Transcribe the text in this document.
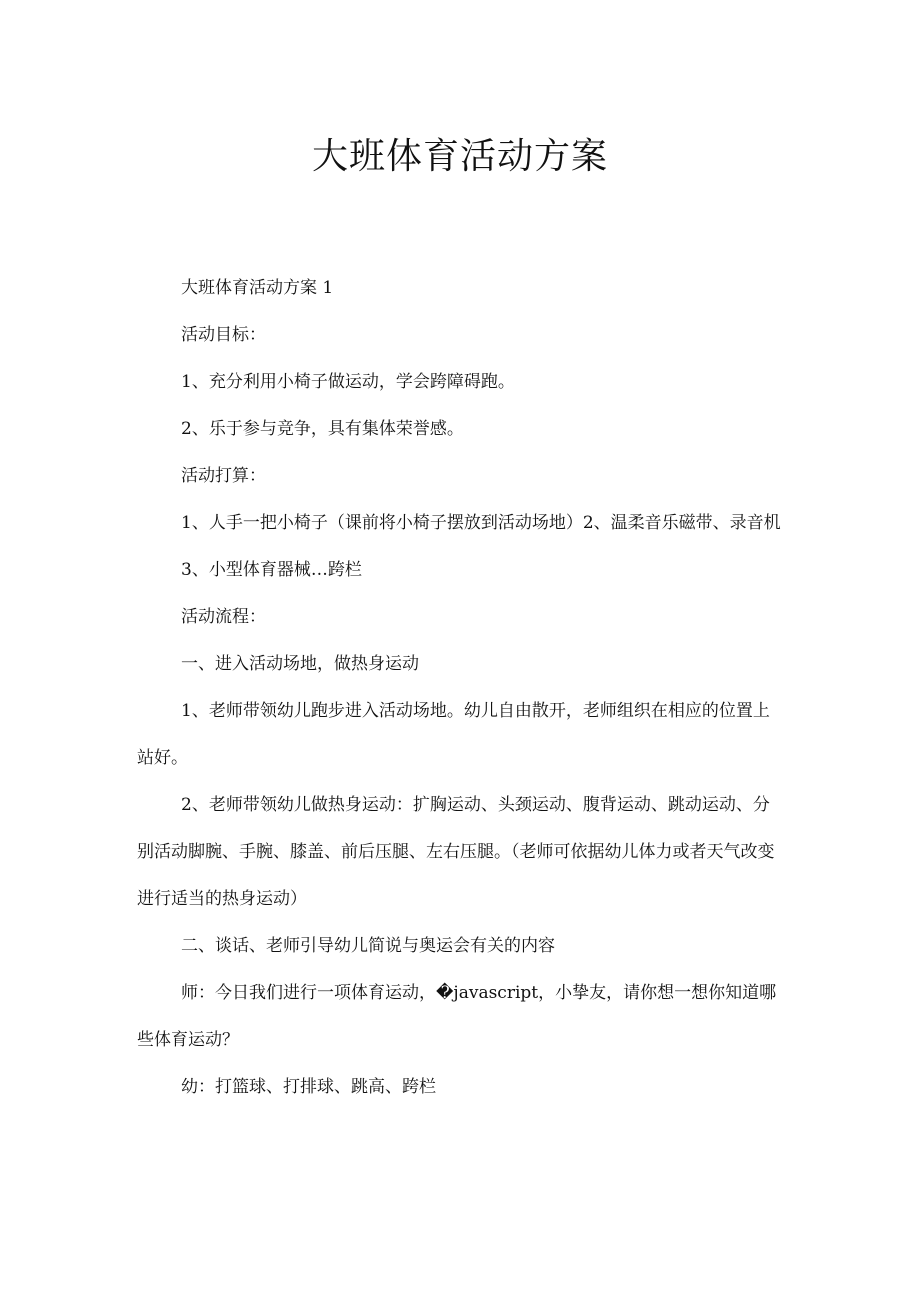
大班体育活动方案

大班体育活动方案 1

活动目标：

1、充分利用小椅子做运动，学会跨障碍跑。

2、乐于参与竞争，具有集体荣誉感。

活动打算：

1、人手一把小椅子（课前将小椅子摆放到活动场地）2、温柔音乐磁带、录音机

3、小型体育器械…跨栏

活动流程：

一、进入活动场地，做热身运动

1、老师带领幼儿跑步进入活动场地。幼儿自由散开，老师组织在相应的位置上站好。

2、老师带领幼儿做热身运动：扩胸运动、头颈运动、腹背运动、跳动运动、分别活动脚腕、手腕、膝盖、前后压腿、左右压腿。（老师可依据幼儿体力或者天气改变进行适当的热身运动）

二、谈话、老师引导幼儿简说与奥运会有关的内容

师：今日我们进行一项体育运动，�javascript，小挚友，请你想一想你知道哪些体育运动？

幼：打篮球、打排球、跳高、跨栏
